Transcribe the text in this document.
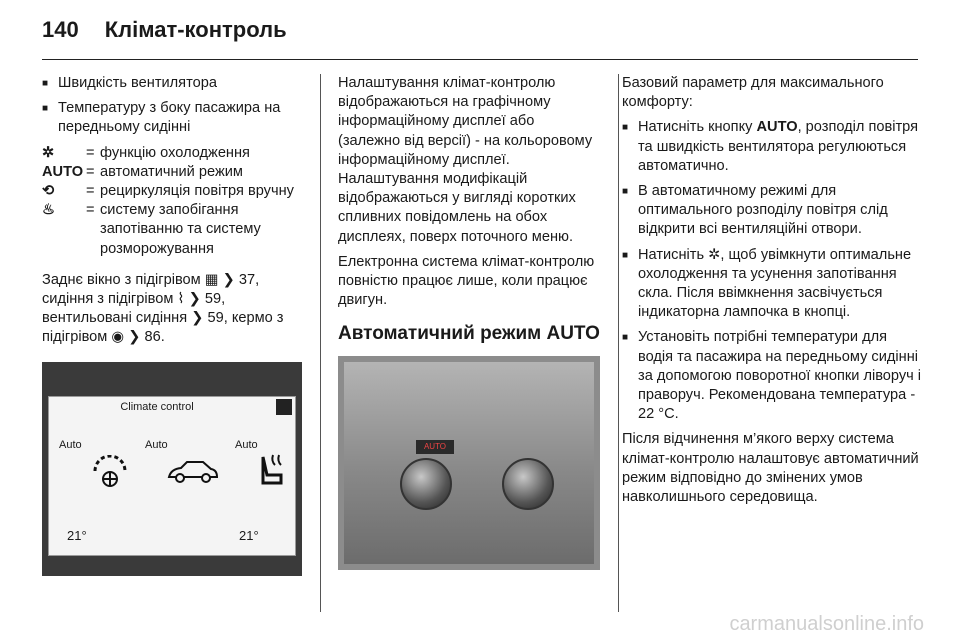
140 Клімат-контроль
■ Швидкість вентилятора
■ Температуру з боку пасажира на передньому сидінні
✲	= функцію охолодження
AUTO = автоматичний режим
⟲	= рециркуляція повітря вручну
♨	= систему запобігання запотіванню та систему розморожування
Заднє вікно з підігрівом ▦ ❯ 37, сидіння з підігрівом ⌇ ❯ 59, вентильовані сидіння ❯ 59, кермо з підігрівом ◉ ❯ 86.
Climate control
Auto	Auto	Auto
21°	21°
Налаштування клімат-контролю відображаються на графічному інформаційному дисплеї або (залежно від версії) - на кольоровому інформаційному дисплеї. Налаштування модифікацій відображаються у вигляді коротких спливних повідомлень на обох дисплеях, поверх поточного меню.
Електронна система клімат-контролю повністю працює лише, коли працює двигун.
Автоматичний режим AUTO
AUTO
Базовий параметр для максимального комфорту:
■ Натисніть кнопку AUTO, розподіл повітря та швидкість вентилятора регулюються автоматично.
■ В автоматичному режимі для оптимального розподілу повітря слід відкрити всі вентиляційні отвори.
■ Натисніть ✲, щоб увімкнути оптимальне охолодження та усунення запотівання скла. Після ввімкнення засвічується індикаторна лампочка в кнопці.
■ Установіть потрібні температури для водія та пасажира на передньому сидінні за допомогою поворотної кнопки ліворуч і праворуч. Рекомендована температура - 22 °C.
Після відчинення м’якого верху система клімат-контролю налаштовує автоматичний режим відповідно до змінених умов навколишнього середовища.
carmanualsonline.info
